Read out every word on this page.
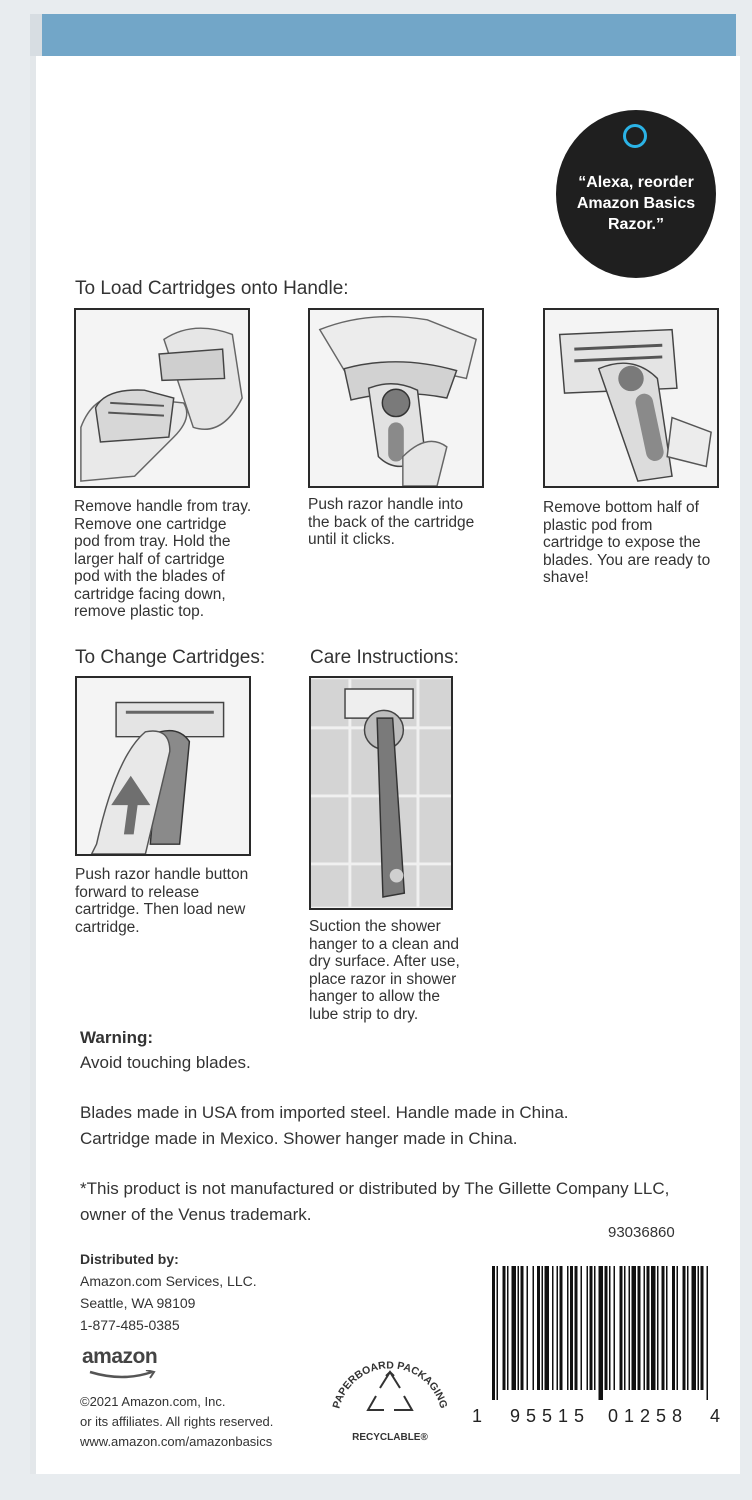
“Alexa, reorder Amazon Basics Razor.”
To Load Cartridges onto Handle:
Remove handle from tray.
Remove one cartridge
pod from tray. Hold the
larger half of cartridge
pod with the blades of
cartridge facing down,
remove plastic top.
Push razor handle into
the back of the cartridge
until it clicks.
Remove bottom half of
plastic pod from
cartridge to expose the
blades. You are ready to
shave!
To Change Cartridges: Care Instructions:
Push razor handle button
forward to release
cartridge. Then load new
cartridge.	Suction the shower
hanger to a clean and
dry surface. After use,
place razor in shower
hanger to allow the
lube strip to dry.
Warning:
Avoid touching blades.
Blades made in USA from imported steel. Handle made in China.
Cartridge made in Mexico. Shower hanger made in China.
*This product is not manufactured or distributed by The Gillette Company LLC,
owner of the Venus trademark.
93036860
Distributed by:
Amazon.com Services, LLC.
Seattle, WA 98109
1-877-485-0385
amazon
©2021 Amazon.com, Inc.
or its affiliates. All rights reserved.
www.amazon.com/amazonbasics
PAPERBOARD PACKAGING
RECYCLABLE®
1 95515 01258 4
